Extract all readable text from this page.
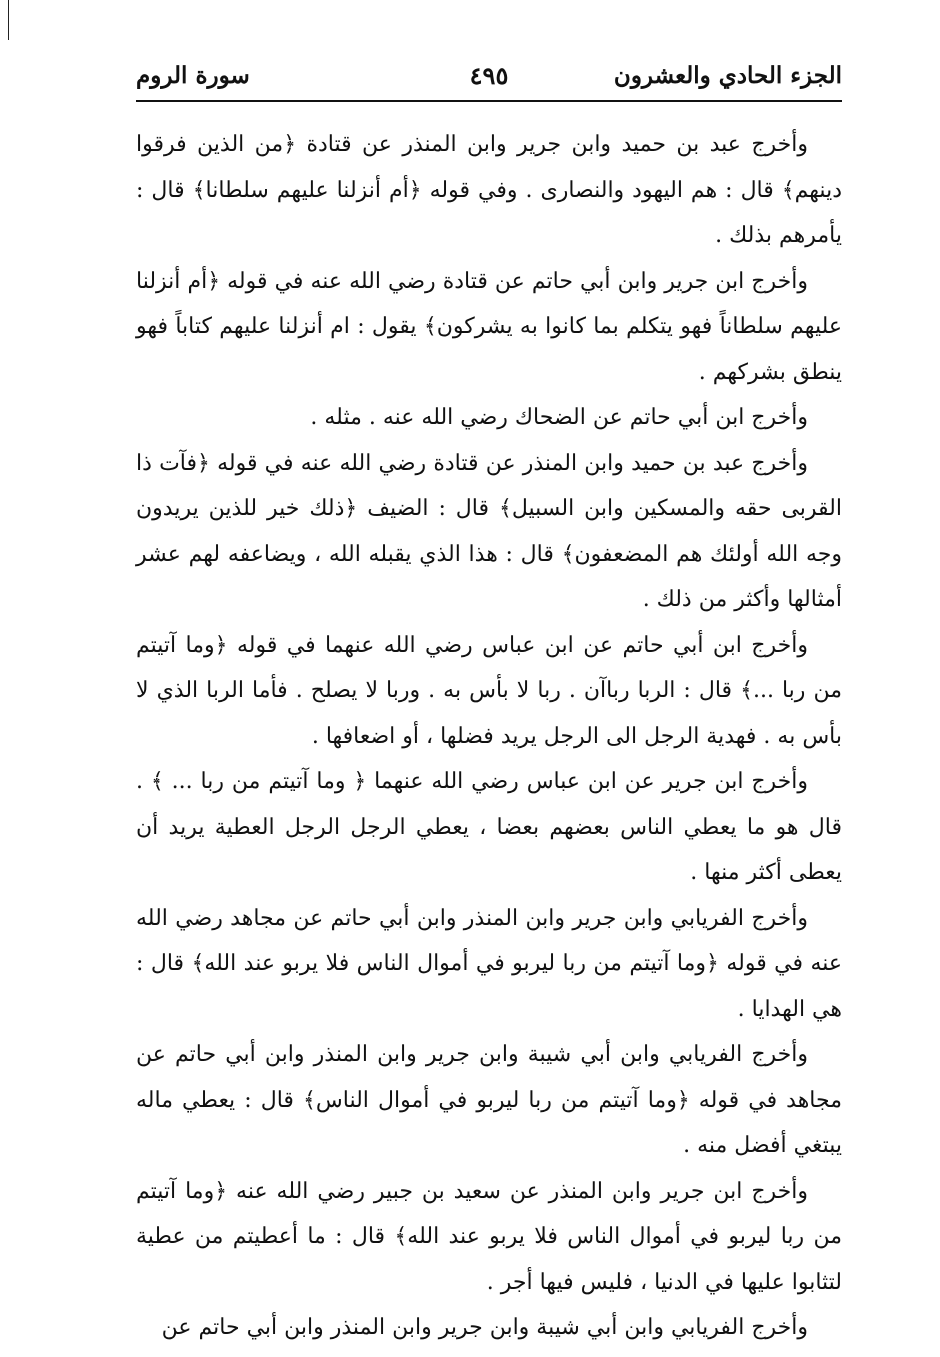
الجزء الحادي والعشرون
٤٩٥
سورة الروم

وأخرج عبد بن حميد وابن جرير وابن المنذر عن قتادة ﴿من الذين فرقوا دينهم﴾ قال : هم اليهود والنصارى . وفي قوله ﴿أم أنزلنا عليهم سلطانا﴾ قال : يأمرهم بذلك .

وأخرج ابن جرير وابن أبي حاتم عن قتادة رضي الله عنه في قوله ﴿أم أنزلنا عليهم سلطاناً فهو يتكلم بما كانوا به يشركون﴾ يقول : ام أنزلنا عليهم كتاباً فهو ينطق بشركهم .

وأخرج ابن أبي حاتم عن الضحاك رضي الله عنه . مثله .

وأخرج عبد بن حميد وابن المنذر عن قتادة رضي الله عنه في قوله ﴿فآت ذا القربى حقه والمسكين وابن السبيل﴾ قال : الضيف ﴿ذلك خير للذين يريدون وجه الله أولئك هم المضعفون﴾ قال : هذا الذي يقبله الله ، ويضاعفه لهم عشر أمثالها وأكثر من ذلك .

وأخرج ابن أبي حاتم عن ابن عباس رضي الله عنهما في قوله ﴿وما آتيتم من ربا ...﴾ قال : الربا رباآن . ربا لا بأس به . وربا لا يصلح . فأما الربا الذي لا بأس به . فهدية الرجل الى الرجل يريد فضلها ، أو اضعافها .

وأخرج ابن جرير عن ابن عباس رضي الله عنهما ﴿ وما آتيتم من ربا ... ﴾ . قال هو ما يعطي الناس بعضهم بعضا ، يعطي الرجل الرجل العطية يريد أن يعطى أكثر منها .

وأخرج الفريابي وابن جرير وابن المنذر وابن أبي حاتم عن مجاهد رضي الله عنه في قوله ﴿وما آتيتم من ربا ليربو في أموال الناس فلا يربو عند الله﴾ قال : هي الهدايا .

وأخرج الفريابي وابن أبي شيبة وابن جرير وابن المنذر وابن أبي حاتم عن مجاهد في قوله ﴿وما آتيتم من ربا ليربو في أموال الناس﴾ قال : يعطي ماله يبتغي أفضل منه .

وأخرج ابن جرير وابن المنذر عن سعيد بن جبير رضي الله عنه ﴿وما آتيتم من ربا ليربو في أموال الناس فلا يربو عند الله﴾ قال : ما أعطيتم من عطية لتثابوا عليها في الدنيا ، فليس فيها أجر .

وأخرج الفريابي وابن أبي شيبة وابن جرير وابن المنذر وابن أبي حاتم عن
